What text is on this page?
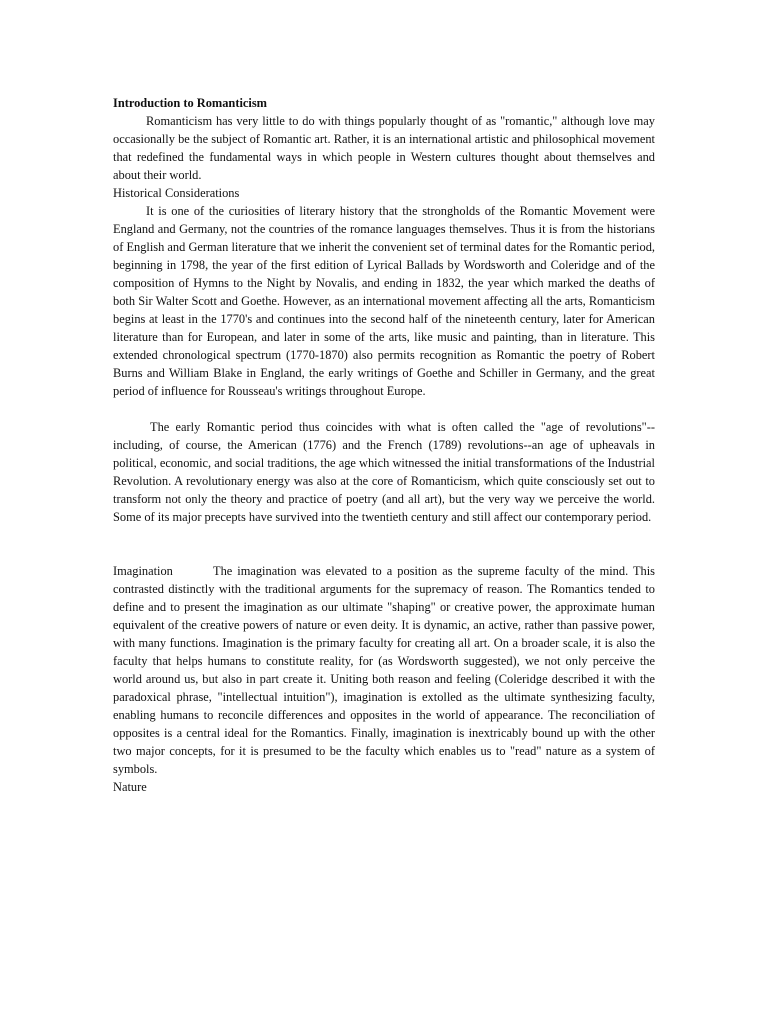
Introduction to Romanticism

Romanticism has very little to do with things popularly thought of as "romantic," although love may occasionally be the subject of Romantic art. Rather, it is an international artistic and philosophical movement that redefined the fundamental ways in which people in Western cultures thought about themselves and about their world.

Historical Considerations

It is one of the curiosities of literary history that the strongholds of the Romantic Movement were England and Germany, not the countries of the romance languages themselves. Thus it is from the historians of English and German literature that we inherit the convenient set of terminal dates for the Romantic period, beginning in 1798, the year of the first edition of Lyrical Ballads by Wordsworth and Coleridge and of the composition of Hymns to the Night by Novalis, and ending in 1832, the year which marked the deaths of both Sir Walter Scott and Goethe. However, as an international movement affecting all the arts, Romanticism begins at least in the 1770's and continues into the second half of the nineteenth century, later for American literature than for European, and later in some of the arts, like music and painting, than in literature. This extended chronological spectrum (1770-1870) also permits recognition as Romantic the poetry of Robert Burns and William Blake in England, the early writings of Goethe and Schiller in Germany, and the great period of influence for Rousseau's writings throughout Europe.

The early Romantic period thus coincides with what is often called the "age of revolutions"--including, of course, the American (1776) and the French (1789) revolutions--an age of upheavals in political, economic, and social traditions, the age which witnessed the initial transformations of the Industrial Revolution. A revolutionary energy was also at the core of Romanticism, which quite consciously set out to transform not only the theory and practice of poetry (and all art), but the very way we perceive the world. Some of its major precepts have survived into the twentieth century and still affect our contemporary period.

Imagination	The imagination was elevated to a position as the supreme faculty of the mind. This contrasted distinctly with the traditional arguments for the supremacy of reason. The Romantics tended to define and to present the imagination as our ultimate "shaping" or creative power, the approximate human equivalent of the creative powers of nature or even deity. It is dynamic, an active, rather than passive power, with many functions. Imagination is the primary faculty for creating all art. On a broader scale, it is also the faculty that helps humans to constitute reality, for (as Wordsworth suggested), we not only perceive the world around us, but also in part create it. Uniting both reason and feeling (Coleridge described it with the paradoxical phrase, "intellectual intuition"), imagination is extolled as the ultimate synthesizing faculty, enabling humans to reconcile differences and opposites in the world of appearance. The reconciliation of opposites is a central ideal for the Romantics. Finally, imagination is inextricably bound up with the other two major concepts, for it is presumed to be the faculty which enables us to "read" nature as a system of symbols.

Nature
